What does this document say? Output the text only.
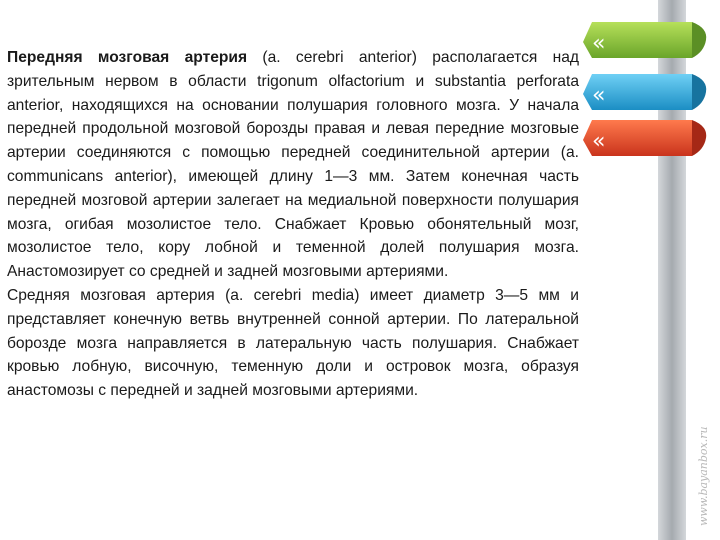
Передняя мозговая артерия (a. cerebri anterior) располагается над зрительным нервом в области trigonum olfactorium и substantia perforata anterior, находящихся на основании полушария головного мозга. У начала передней продольной мозговой борозды правая и левая передние мозговые артерии соединяются с помощью передней соединительной артерии (a. communicans anterior), имеющей длину 1—3 мм. Затем конечная часть передней мозговой артерии залегает на медиальной поверхности полушария мозга, огибая мозолистое тело. Снабжает Кровью обонятельный мозг, мозолистое тело, кору лобной и теменной долей полушария мозга. Анастомозирует со средней и задней мозговыми артериями.

Средняя мозговая артерия (a. cerebri media) имеет диаметр 3—5 мм и представляет конечную ветвь внутренней сонной артерии. По латеральной борозде мозга направляется в латеральную часть полушария. Снабжает кровью лобную, височную, теменную доли и островок мозга, образуя анастомозы с передней и задней мозговыми артериями.

«
«
«
www.bayanbox.ru
